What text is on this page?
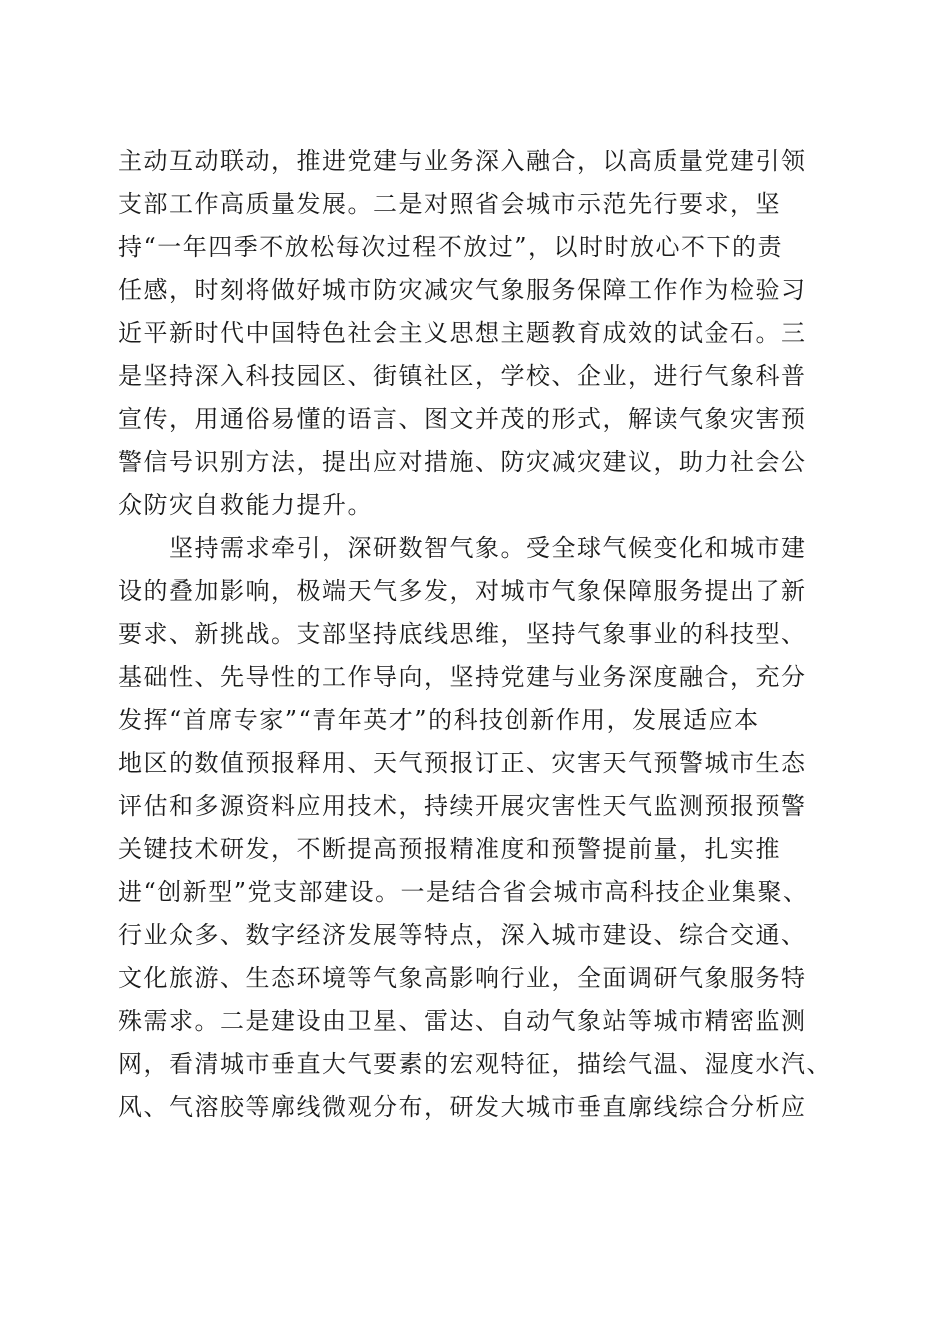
主动互动联动，推进党建与业务深入融合，以高质量党建引领
支部工作高质量发展。二是对照省会城市示范先行要求，坚
持“一年四季不放松每次过程不放过”，以时时放心不下的责
任感，时刻将做好城市防灾减灾气象服务保障工作作为检验习
近平新时代中国特色社会主义思想主题教育成效的试金石。三
是坚持深入科技园区、街镇社区，学校、企业，进行气象科普
宣传，用通俗易懂的语言、图文并茂的形式，解读气象灾害预
警信号识别方法，提出应对措施、防灾减灾建议，助力社会公
众防灾自救能力提升。
　　坚持需求牵引，深研数智气象。受全球气候变化和城市建
设的叠加影响，极端天气多发，对城市气象保障服务提出了新
要求、新挑战。支部坚持底线思维，坚持气象事业的科技型、
基础性、先导性的工作导向，坚持党建与业务深度融合，充分
发挥“首席专家”“青年英才”的科技创新作用，发展适应本
地区的数值预报释用、天气预报订正、灾害天气预警城市生态
评估和多源资料应用技术，持续开展灾害性天气监测预报预警
关键技术研发，不断提高预报精准度和预警提前量，扎实推
进“创新型”党支部建设。一是结合省会城市高科技企业集聚、
行业众多、数字经济发展等特点，深入城市建设、综合交通、
文化旅游、生态环境等气象高影响行业，全面调研气象服务特
殊需求。二是建设由卫星、雷达、自动气象站等城市精密监测
网，看清城市垂直大气要素的宏观特征，描绘气温、湿度水汽、
风、气溶胶等廓线微观分布，研发大城市垂直廓线综合分析应
